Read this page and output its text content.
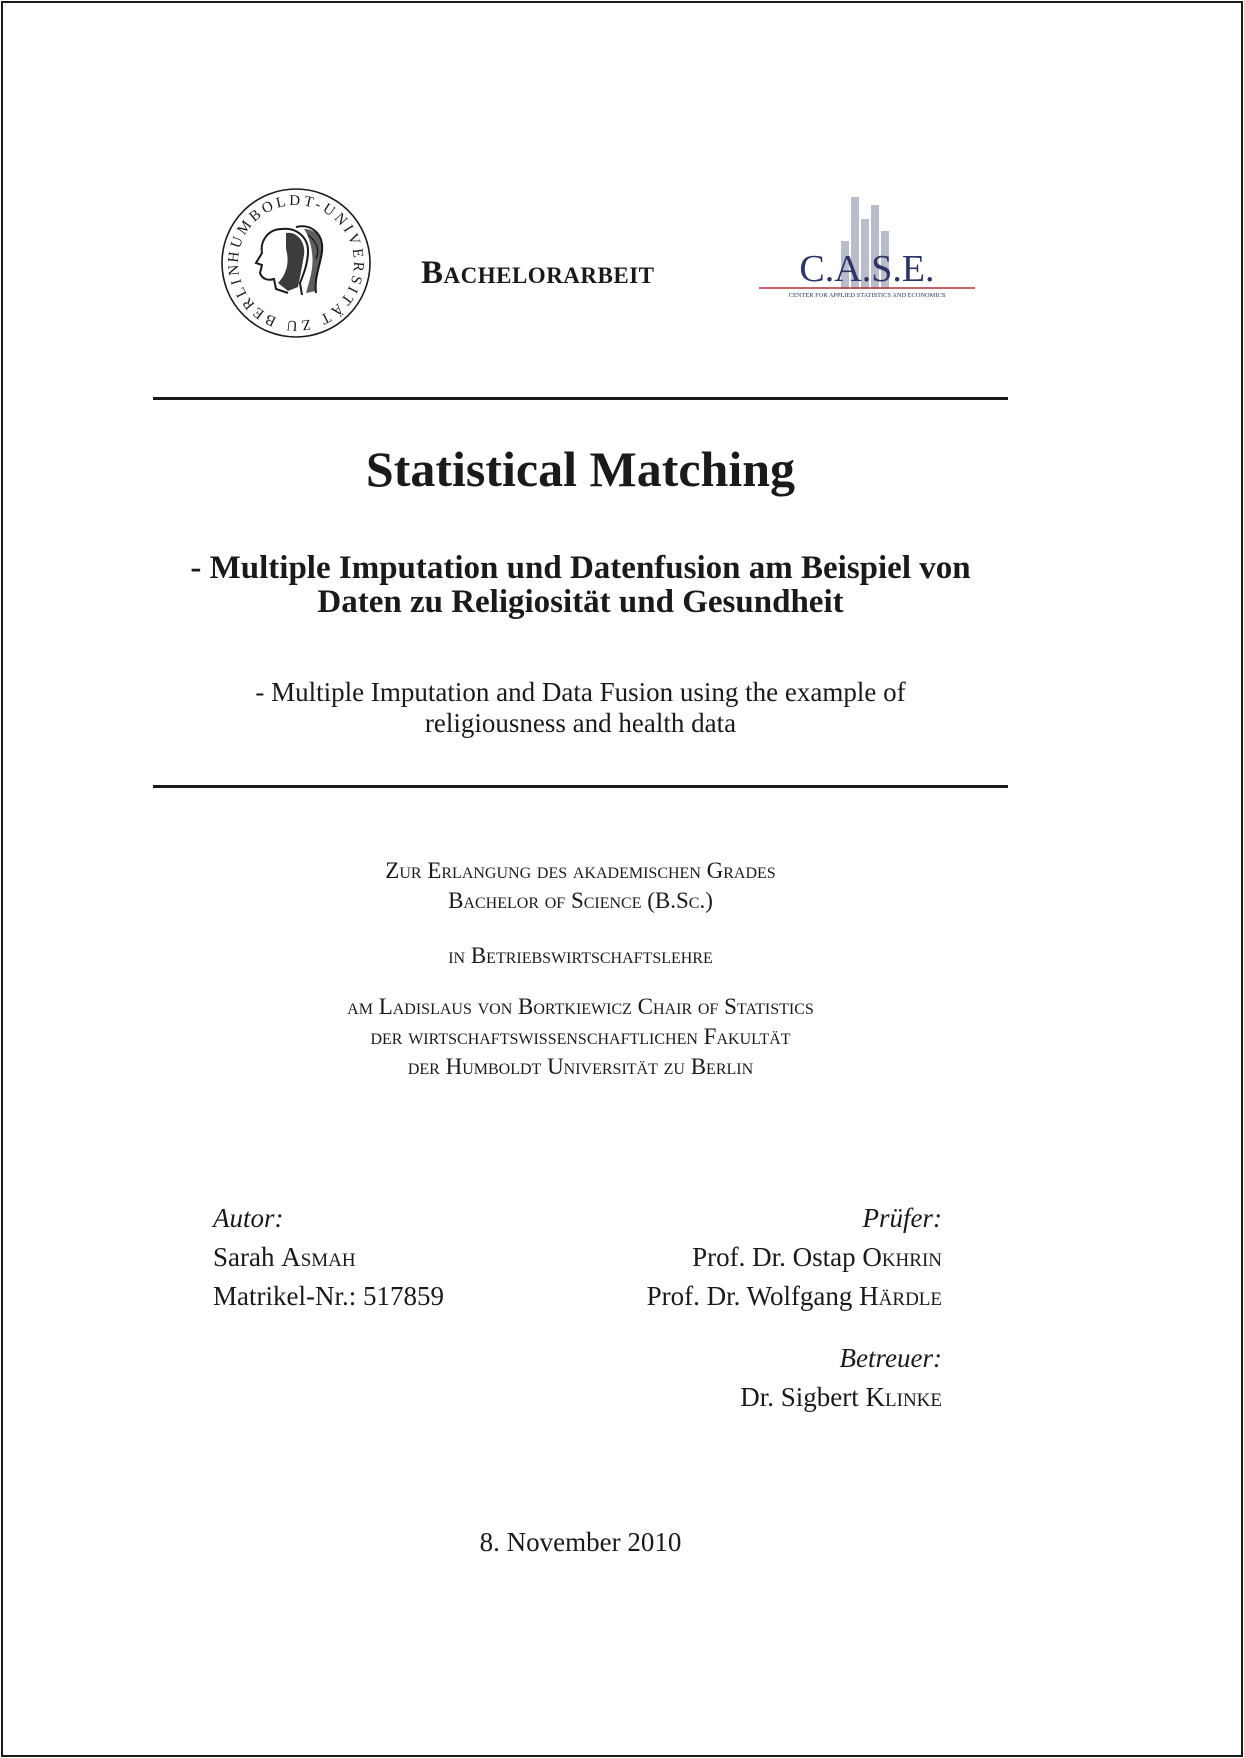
HUMBOLDT-UNIVERSITÄT ZU BERLIN	Bachelorarbeit	C.A.S.E.
CENTER FOR APPLIED STATISTICS AND ECONOMICS
Statistical Matching
- Multiple Imputation und Datenfusion am Beispiel von
Daten zu Religiosität und Gesundheit
- Multiple Imputation and Data Fusion using the example of
religiousness and health data
Zur Erlangung des akademischen Grades
Bachelor of Science (B.Sc.)
in Betriebswirtschaftslehre
am Ladislaus von Bortkiewicz Chair of Statistics
der wirtschaftswissenschaftlichen Fakultät
der Humboldt Universität zu Berlin
Autor:
Sarah Asmah
Matrikel-Nr.: 517859
Prüfer:
Prof. Dr. Ostap Okhrin
Prof. Dr. Wolfgang Härdle
Betreuer:
Dr. Sigbert Klinke
8. November 2010
